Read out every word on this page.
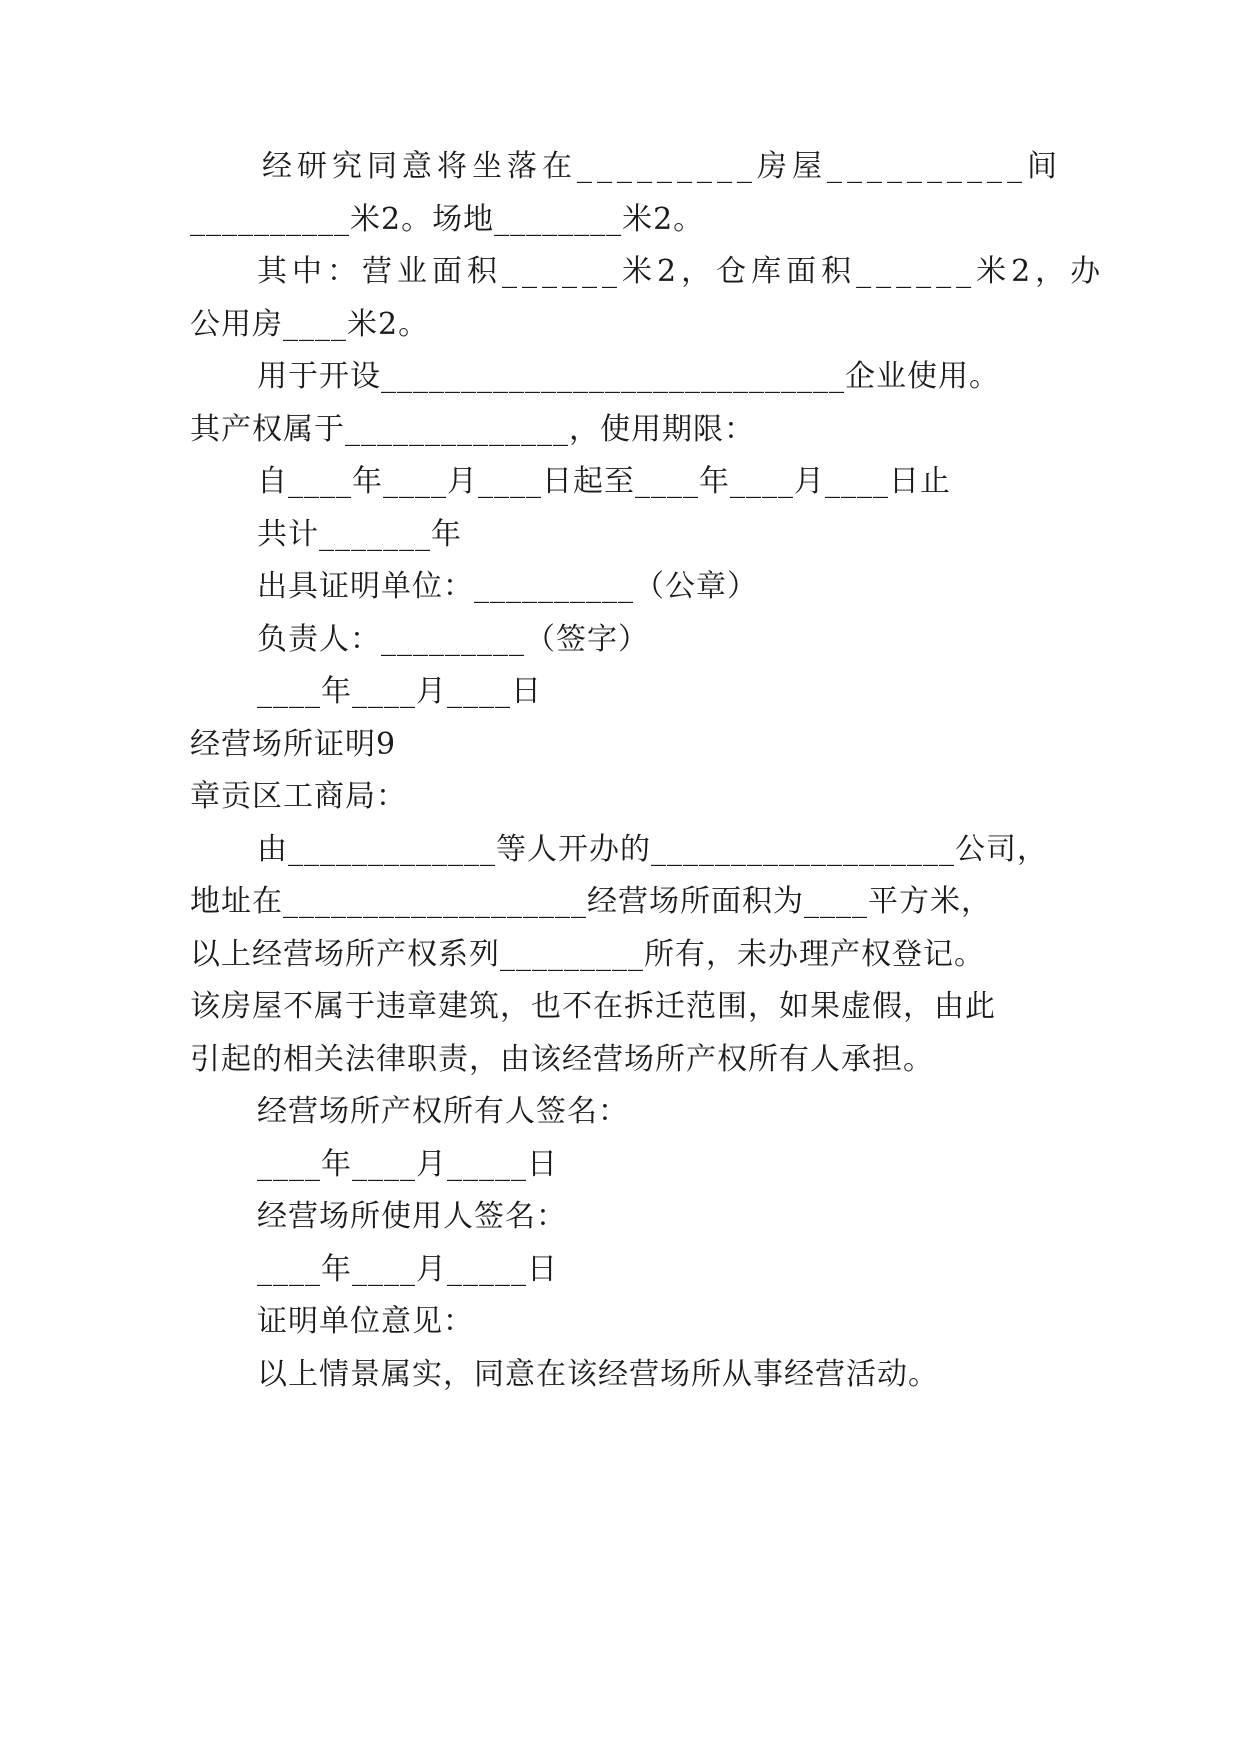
经研究同意将坐落在_________房屋__________间
__________米2。场地________米2。
其中：营业面积______米2，仓库面积______米2，办
公用房____米2。
用于开设_____________________________企业使用。
其产权属于______________，使用期限：
自____年____月____日起至____年____月____日止
共计_______年
出具证明单位：__________（公章）
负责人：_________（签字）
____年____月____日
经营场所证明9
章贡区工商局：
由_____________等人开办的___________________公司，
地址在___________________经营场所面积为____平方米，
以上经营场所产权系列_________所有，未办理产权登记。
该房屋不属于违章建筑，也不在拆迁范围，如果虚假，由此
引起的相关法律职责，由该经营场所产权所有人承担。
经营场所产权所有人签名：
____年____月_____日
经营场所使用人签名：
____年____月_____日
证明单位意见：
以上情景属实，同意在该经营场所从事经营活动。
